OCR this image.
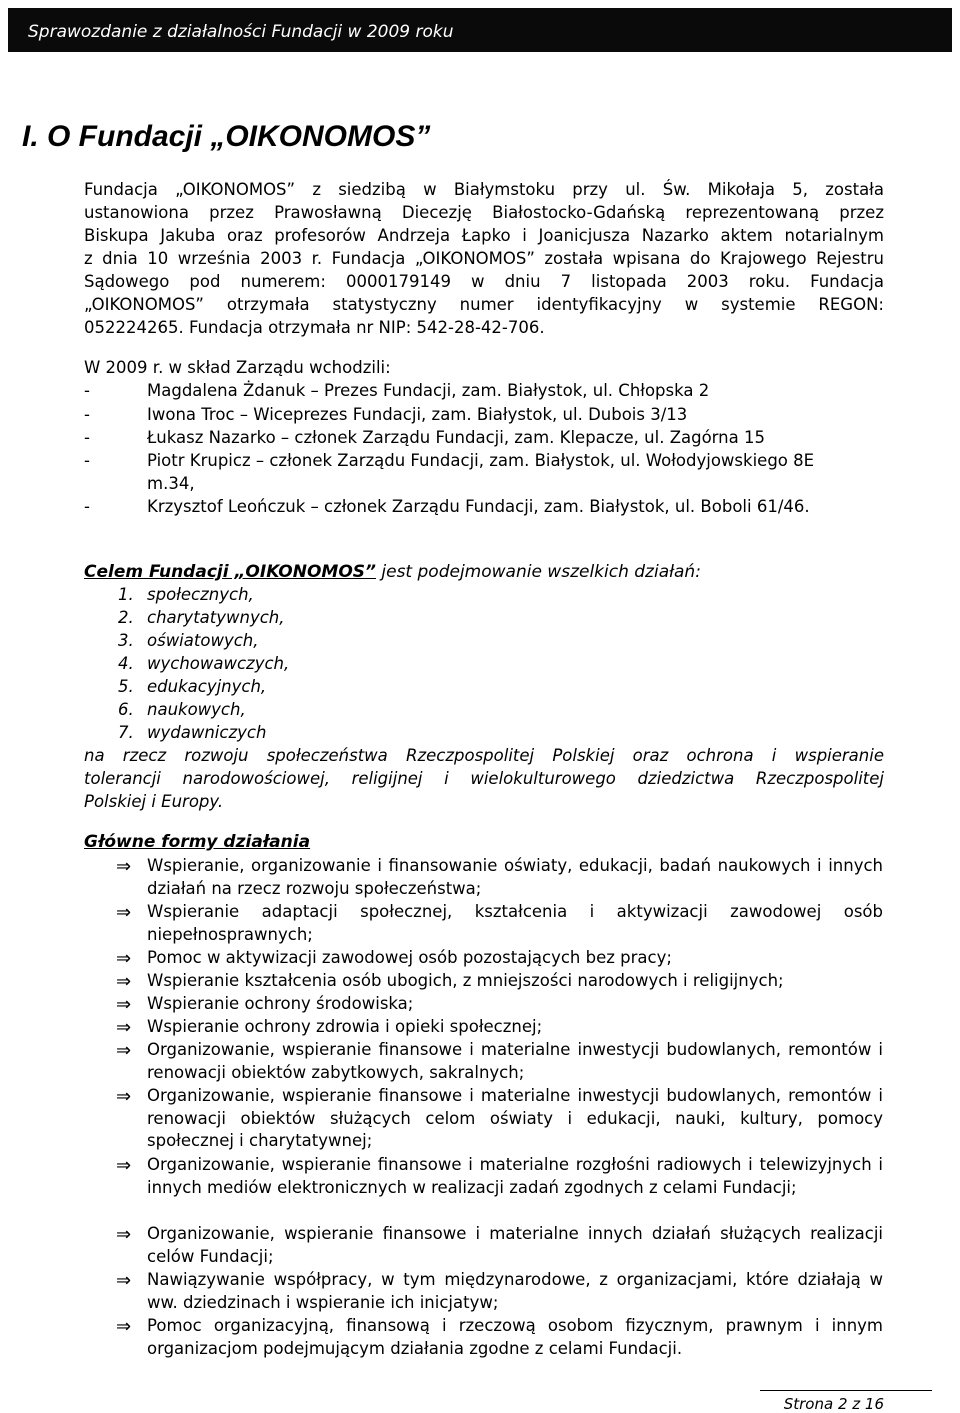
Sprawozdanie z działalności Fundacji w 2009 roku
I. O Fundacji „OIKONOMOS”
Fundacja „OIKONOMOS” z siedzibą w Białymstoku przy ul. Św. Mikołaja 5, została
ustanowiona przez Prawosławną Diecezję Białostocko-Gdańską reprezentowaną przez
Biskupa Jakuba oraz profesorów Andrzeja Łapko i Joanicjusza Nazarko aktem notarialnym
z dnia 10 września 2003 r. Fundacja „OIKONOMOS” została wpisana do Krajowego Rejestru
Sądowego pod numerem: 0000179149 w dniu 7 listopada 2003 roku. Fundacja
„OIKONOMOS” otrzymała statystyczny numer identyfikacyjny w systemie REGON:
052224265. Fundacja otrzymała nr NIP: 542-28-42-706.
W 2009 r. w skład Zarządu wchodzili:
-	Magdalena Żdanuk – Prezes Fundacji, zam. Białystok, ul. Chłopska 2
-	Iwona Troc – Wiceprezes Fundacji, zam. Białystok, ul. Dubois 3/13
-	Łukasz Nazarko – członek Zarządu Fundacji, zam. Klepacze, ul. Zagórna 15
-	Piotr Krupicz – członek Zarządu Fundacji, zam. Białystok, ul. Wołodyjowskiego 8E
m.34,
-	Krzysztof Leończuk – członek Zarządu Fundacji, zam. Białystok, ul. Boboli 61/46.
Celem Fundacji „OIKONOMOS” jest podejmowanie wszelkich działań:
1. społecznych,
2. charytatywnych,
3. oświatowych,
4. wychowawczych,
5. edukacyjnych,
6. naukowych,
7. wydawniczych
na rzecz rozwoju społeczeństwa Rzeczpospolitej Polskiej oraz ochrona i wspieranie
tolerancji narodowościowej, religijnej i wielokulturowego dziedzictwa Rzeczpospolitej
Polskiej i Europy.
Główne formy działania
⇒ Wspieranie, organizowanie i finansowanie oświaty, edukacji, badań naukowych i innych działań na rzecz rozwoju społeczeństwa;
⇒ Wspieranie adaptacji społecznej, kształcenia i aktywizacji zawodowej osób niepełnosprawnych;
⇒ Pomoc w aktywizacji zawodowej osób pozostających bez pracy;
⇒ Wspieranie kształcenia osób ubogich, z mniejszości narodowych i religijnych;
⇒ Wspieranie ochrony środowiska;
⇒ Wspieranie ochrony zdrowia i opieki społecznej;
⇒ Organizowanie, wspieranie finansowe i materialne inwestycji budowlanych, remontów i renowacji obiektów zabytkowych, sakralnych;
⇒ Organizowanie, wspieranie finansowe i materialne inwestycji budowlanych, remontów i renowacji obiektów służących celom oświaty i edukacji, nauki, kultury, pomocy społecznej i charytatywnej;
⇒ Organizowanie, wspieranie finansowe i materialne rozgłośni radiowych i telewizyjnych i innych mediów elektronicznych w realizacji zadań zgodnych z celami Fundacji;
⇒ Organizowanie, wspieranie finansowe i materialne innych działań służących realizacji celów Fundacji;
⇒ Nawiązywanie współpracy, w tym międzynarodowe, z organizacjami, które działają w ww. dziedzinach i wspieranie ich inicjatyw;
⇒ Pomoc organizacyjną, finansową i rzeczową osobom fizycznym, prawnym i innym organizacjom podejmującym działania zgodne z celami Fundacji.
Strona 2 z 16
